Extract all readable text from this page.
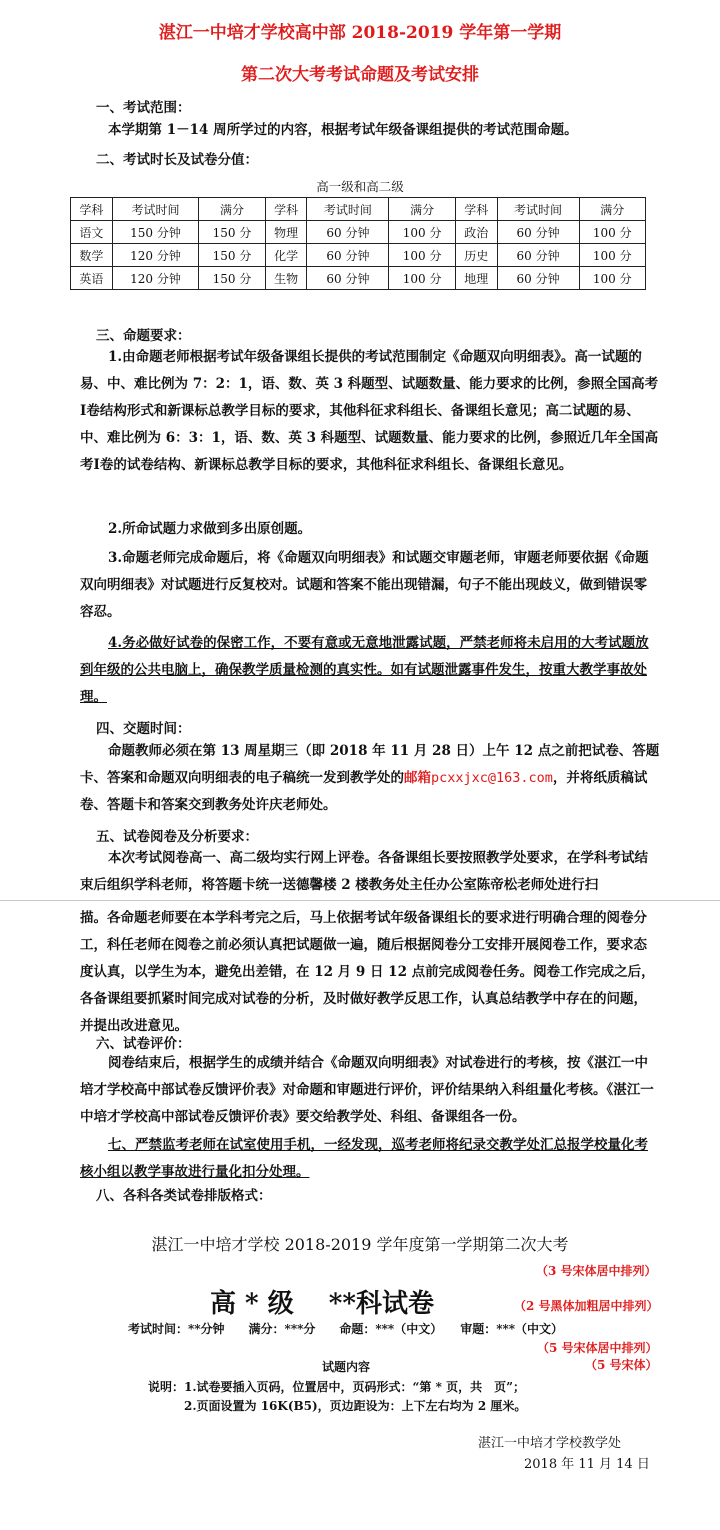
湛江一中培才学校高中部 2018-2019 学年第一学期
第二次大考考试命题及考试安排
一、考试范围：
本学期第 1－14 周所学过的内容，根据考试年级备课组提供的考试范围命题。
二、考试时长及试卷分值：
高一级和高二级
学科	考试时间	满分	学科	考试时间	满分	学科	考试时间	满分
语文	150 分钟	150 分	物理	60 分钟	100 分	政治	60 分钟	100 分
数学	120 分钟	150 分	化学	60 分钟	100 分	历史	60 分钟	100 分
英语	120 分钟	150 分	生物	60 分钟	100 分	地理	60 分钟	100 分
三、命题要求：
1.由命题老师根据考试年级备课组长提供的考试范围制定《命题双向明细表》。高一试题的易、中、难比例为 7：2：1，语、数、英 3 科题型、试题数量、能力要求的比例，参照全国高考Ⅰ卷结构形式和新课标总教学目标的要求，其他科征求科组长、备课组长意见；高二试题的易、中、难比例为 6：3：1，语、数、英 3 科题型、试题数量、能力要求的比例，参照近几年全国高考Ⅰ卷的试卷结构、新课标总教学目标的要求，其他科征求科组长、备课组长意见。
2.所命试题力求做到多出原创题。
3.命题老师完成命题后，将《命题双向明细表》和试题交审题老师，审题老师要依据《命题双向明细表》对试题进行反复校对。试题和答案不能出现错漏，句子不能出现歧义，做到错误零容忍。
4.务必做好试卷的保密工作，不要有意或无意地泄露试题，严禁老师将未启用的大考试题放到年级的公共电脑上，确保教学质量检测的真实性。如有试题泄露事件发生，按重大教学事故处理。
四、交题时间：
命题教师必须在第 13 周星期三（即 2018 年 11 月 28 日）上午 12 点之前把试卷、答题卡、答案和命题双向明细表的电子稿统一发到教学处的邮箱pcxxjxc@163.com，并将纸质稿试卷、答题卡和答案交到教务处许庆老师处。
五、试卷阅卷及分析要求：
本次考试阅卷高一、高二级均实行网上评卷。各备课组长要按照教学处要求，在学科考试结束后组织学科老师，将答题卡统一送德馨楼 2 楼教务处主任办公室陈帝松老师处进行扫
描。各命题老师要在本学科考完之后，马上依据考试年级备课组长的要求进行明确合理的阅卷分工，科任老师在阅卷之前必须认真把试题做一遍，随后根据阅卷分工安排开展阅卷工作，要求态度认真，以学生为本，避免出差错，在 12 月 9 日 12 点前完成阅卷任务。阅卷工作完成之后，各备课组要抓紧时间完成对试卷的分析，及时做好教学反思工作，认真总结教学中存在的问题，并提出改进意见。
六、试卷评价：
阅卷结束后，根据学生的成绩并结合《命题双向明细表》对试卷进行的考核，按《湛江一中培才学校高中部试卷反馈评价表》对命题和审题进行评价，评价结果纳入科组量化考核。《湛江一中培才学校高中部试卷反馈评价表》要交给教学处、科组、备课组各一份。
七、严禁监考老师在试室使用手机，一经发现，巡考老师将纪录交教学处汇总报学校量化考核小组以教学事故进行量化扣分处理。
八、各科各类试卷排版格式：
湛江一中培才学校 2018-2019 学年度第一学期第二次大考
（3 号宋体居中排列）
高 * 级　 **科试卷	（2 号黑体加粗居中排列）
考试时间：**分钟　　满分：***分　　命题：***（中文）　　审题：***（中文）
（5 号宋体居中排列）
试题内容	（5 号宋体）
说明：1.试卷要插入页码，位置居中，页码形式：“第 * 页，共　页”；
2.页面设置为 16K(B5)，页边距设为：上下左右均为 2 厘米。
湛江一中培才学校教学处
2018 年 11 月 14 日
